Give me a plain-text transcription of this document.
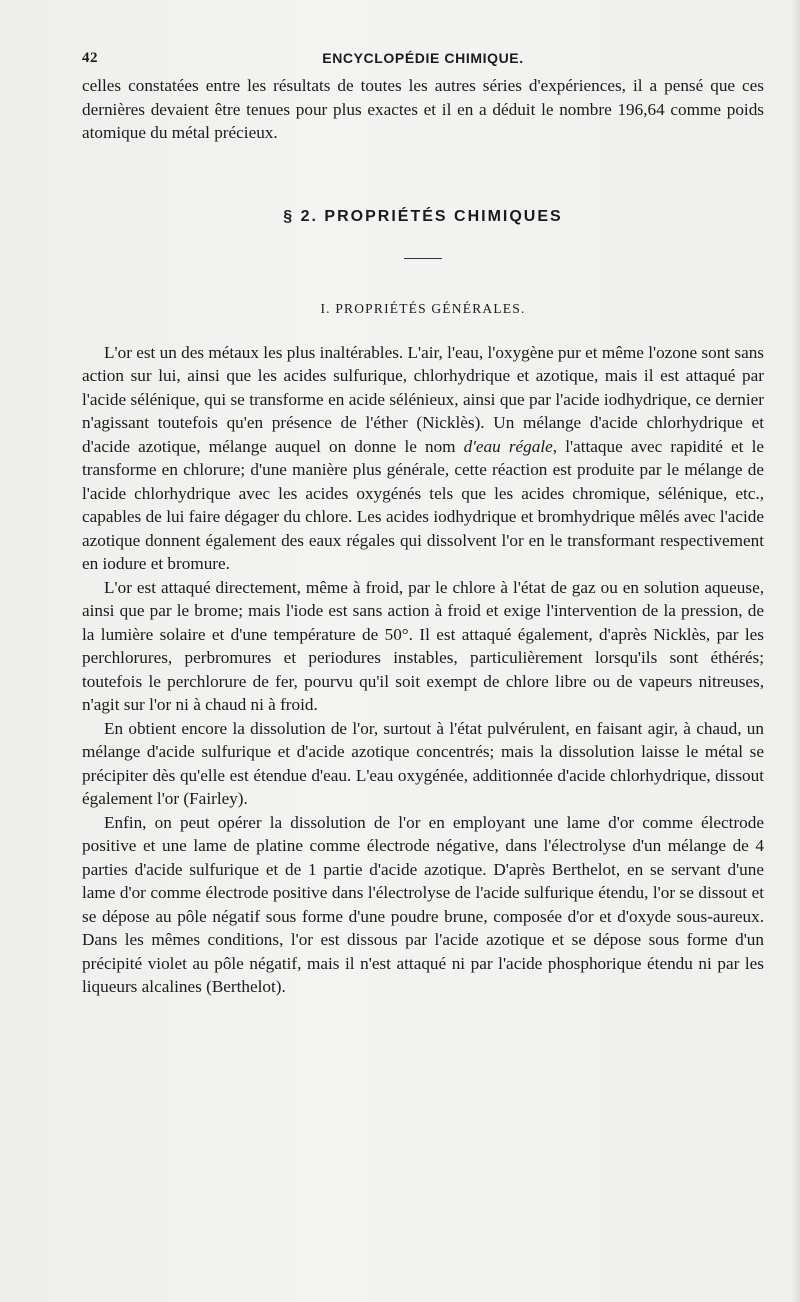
42	ENCYCLOPÉDIE CHIMIQUE.

celles constatées entre les résultats de toutes les autres séries d'expériences, il a pensé que ces dernières devaient être tenues pour plus exactes et il en a déduit le nombre 196,64 comme poids atomique du métal précieux.

§ 2. PROPRIÉTÉS CHIMIQUES
I. PROPRIÉTÉS GÉNÉRALES.

L'or est un des métaux les plus inaltérables. L'air, l'eau, l'oxygène pur et même l'ozone sont sans action sur lui, ainsi que les acides sulfurique, chlorhydrique et azotique, mais il est attaqué par l'acide sélénique, qui se transforme en acide sélénieux, ainsi que par l'acide iodhydrique, ce dernier n'agissant toutefois qu'en présence de l'éther (Nicklès). Un mélange d'acide chlorhydrique et d'acide azotique, mélange auquel on donne le nom d'eau régale, l'attaque avec rapidité et le transforme en chlorure; d'une manière plus générale, cette réaction est produite par le mélange de l'acide chlorhydrique avec les acides oxygénés tels que les acides chromique, sélénique, etc., capables de lui faire dégager du chlore. Les acides iodhydrique et bromhydrique mêlés avec l'acide azotique donnent également des eaux régales qui dissolvent l'or en le transformant respectivement en iodure et bromure.

L'or est attaqué directement, même à froid, par le chlore à l'état de gaz ou en solution aqueuse, ainsi que par le brome; mais l'iode est sans action à froid et exige l'intervention de la pression, de la lumière solaire et d'une température de 50°. Il est attaqué également, d'après Nicklès, par les perchlorures, perbromures et periodures instables, particulièrement lorsqu'ils sont éthérés; toutefois le perchlorure de fer, pourvu qu'il soit exempt de chlore libre ou de vapeurs nitreuses, n'agit sur l'or ni à chaud ni à froid.

En obtient encore la dissolution de l'or, surtout à l'état pulvérulent, en faisant agir, à chaud, un mélange d'acide sulfurique et d'acide azotique concentrés; mais la dissolution laisse le métal se précipiter dès qu'elle est étendue d'eau. L'eau oxygénée, additionnée d'acide chlorhydrique, dissout également l'or (Fairley).

Enfin, on peut opérer la dissolution de l'or en employant une lame d'or comme électrode positive et une lame de platine comme électrode négative, dans l'électrolyse d'un mélange de 4 parties d'acide sulfurique et de 1 partie d'acide azotique. D'après Berthelot, en se servant d'une lame d'or comme électrode positive dans l'électrolyse de l'acide sulfurique étendu, l'or se dissout et se dépose au pôle négatif sous forme d'une poudre brune, composée d'or et d'oxyde sous-aureux. Dans les mêmes conditions, l'or est dissous par l'acide azotique et se dépose sous forme d'un précipité violet au pôle négatif, mais il n'est attaqué ni par l'acide phosphorique étendu ni par les liqueurs alcalines (Berthelot).
